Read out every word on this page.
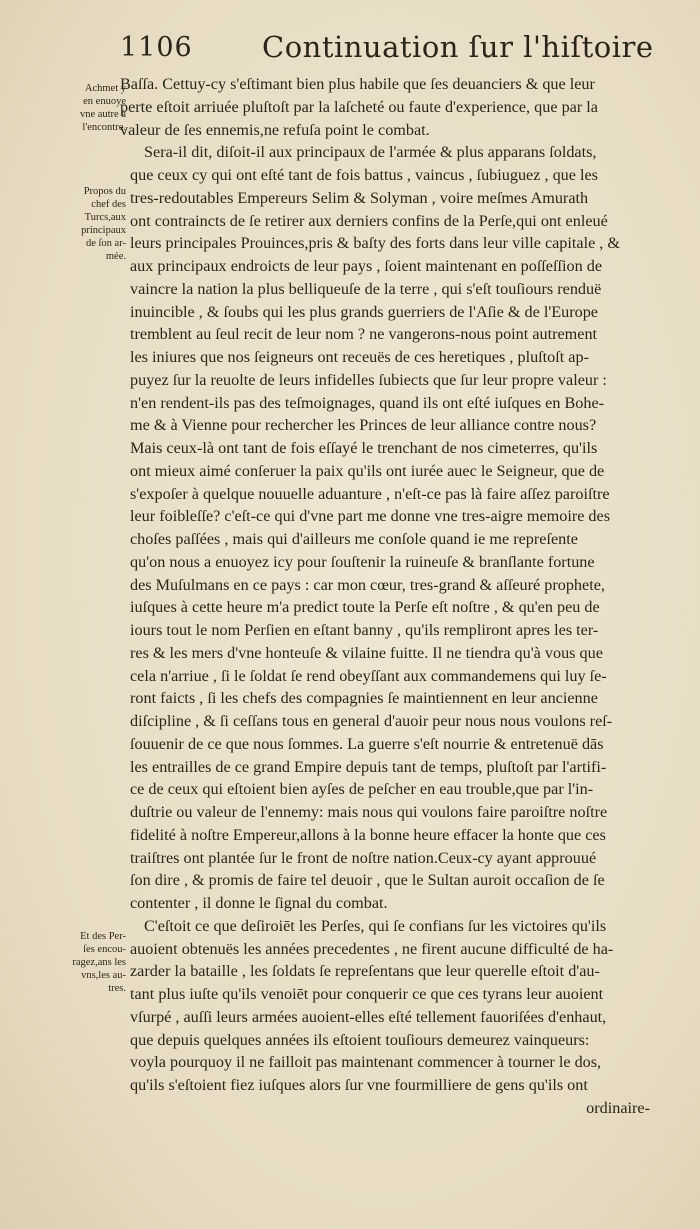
1106 Continuation ſur l'hiſtoire
Achmet y
en enuoye
vne autre à
l'encontre.
Propos du
chef des
Turcs,aux
principaux
de ſon ar-
mée.
Et des Per-
ſes encou-
ragez,ans les
vns,les au-
tres.
Baſſa. Cettuy-cy s'eſtimant bien plus habile que ſes deuanciers & que leur
perte eſtoit arriuée pluſtoſt par la laſcheté ou faute d'experience, que par la
valeur de ſes ennemis,ne refuſa point le combat.
Sera-il dit, diſoit-il aux principaux de l'armée & plus apparans ſoldats,
que ceux cy qui ont eſté tant de fois battus , vaincus , ſubiuguez , que les
tres-redoutables Empereurs Selim & Solyman , voire meſmes Amurath
ont contraincts de ſe retirer aux derniers confins de la Perſe,qui ont enleué
leurs principales Prouinces,pris & baſty des forts dans leur ville capitale , &
aux principaux endroicts de leur pays , ſoient maintenant en poſſeſſion de
vaincre la nation la plus belliqueuſe de la terre , qui s'eſt touſiours renduë
inuincible , & ſoubs qui les plus grands guerriers de l'Aſie & de l'Europe
tremblent au ſeul recit de leur nom ? ne vangerons-nous point autrement
les iniures que nos ſeigneurs ont receuës de ces heretiques , pluſtoſt ap-
puyez ſur la reuolte de leurs infidelles ſubiects que ſur leur propre valeur :
n'en rendent-ils pas des teſmoignages, quand ils ont eſté iuſques en Bohe-
me & à Vienne pour rechercher les Princes de leur alliance contre nous?
Mais ceux-là ont tant de fois eſſayé le trenchant de nos cimeterres, qu'ils
ont mieux aimé conſeruer la paix qu'ils ont iurée auec le Seigneur, que de
s'expoſer à quelque nouuelle aduanture , n'eſt-ce pas là faire aſſez paroiſtre
leur foibleſſe? c'eſt-ce qui d'vne part me donne vne tres-aigre memoire des
choſes paſſées , mais qui d'ailleurs me conſole quand ie me repreſente
qu'on nous a enuoyez icy pour ſouſtenir la ruineuſe & branſlante fortune
des Muſulmans en ce pays : car mon cœur, tres-grand & aſſeuré prophete,
iuſques à cette heure m'a predict toute la Perſe eſt noſtre , & qu'en peu de
iours tout le nom Perſien en eſtant banny , qu'ils rempliront apres les ter-
res & les mers d'vne honteuſe & vilaine fuitte. Il ne tiendra qu'à vous que
cela n'arriue , ſi le ſoldat ſe rend obeyſſant aux commandemens qui luy ſe-
ront faicts , ſi les chefs des compagnies ſe maintiennent en leur ancienne
diſcipline , & ſi ceſſans tous en general d'auoir peur nous nous voulons reſ-
ſouuenir de ce que nous ſommes. La guerre s'eſt nourrie & entretenuë dās
les entrailles de ce grand Empire depuis tant de temps, pluſtoſt par l'artifi-
ce de ceux qui eſtoient bien ayſes de peſcher en eau trouble,que par l'in-
duſtrie ou valeur de l'ennemy: mais nous qui voulons faire paroiſtre noſtre
fidelité à noſtre Empereur,allons à la bonne heure effacer la honte que ces
traiſtres ont plantée ſur le front de noſtre nation.Ceux-cy ayant approuué
ſon dire , & promis de faire tel deuoir , que le Sultan auroit occaſion de ſe
contenter , il donne le ſignal du combat.
C'eſtoit ce que deſiroiēt les Perſes, qui ſe confians ſur les victoires qu'ils
auoient obtenuës les années precedentes , ne firent aucune difficulté de ha-
zarder la bataille , les ſoldats ſe repreſentans que leur querelle eſtoit d'au-
tant plus iuſte qu'ils venoiēt pour conquerir ce que ces tyrans leur auoient
vſurpé , auſſi leurs armées auoient-elles eſté tellement fauoriſées d'enhaut,
que depuis quelques années ils eſtoient touſiours demeurez vainqueurs:
voyla pourquoy il ne failloit pas maintenant commencer à tourner le dos,
qu'ils s'eſtoient fiez iuſques alors ſur vne fourmilliere de gens qu'ils ont
ordinaire-
